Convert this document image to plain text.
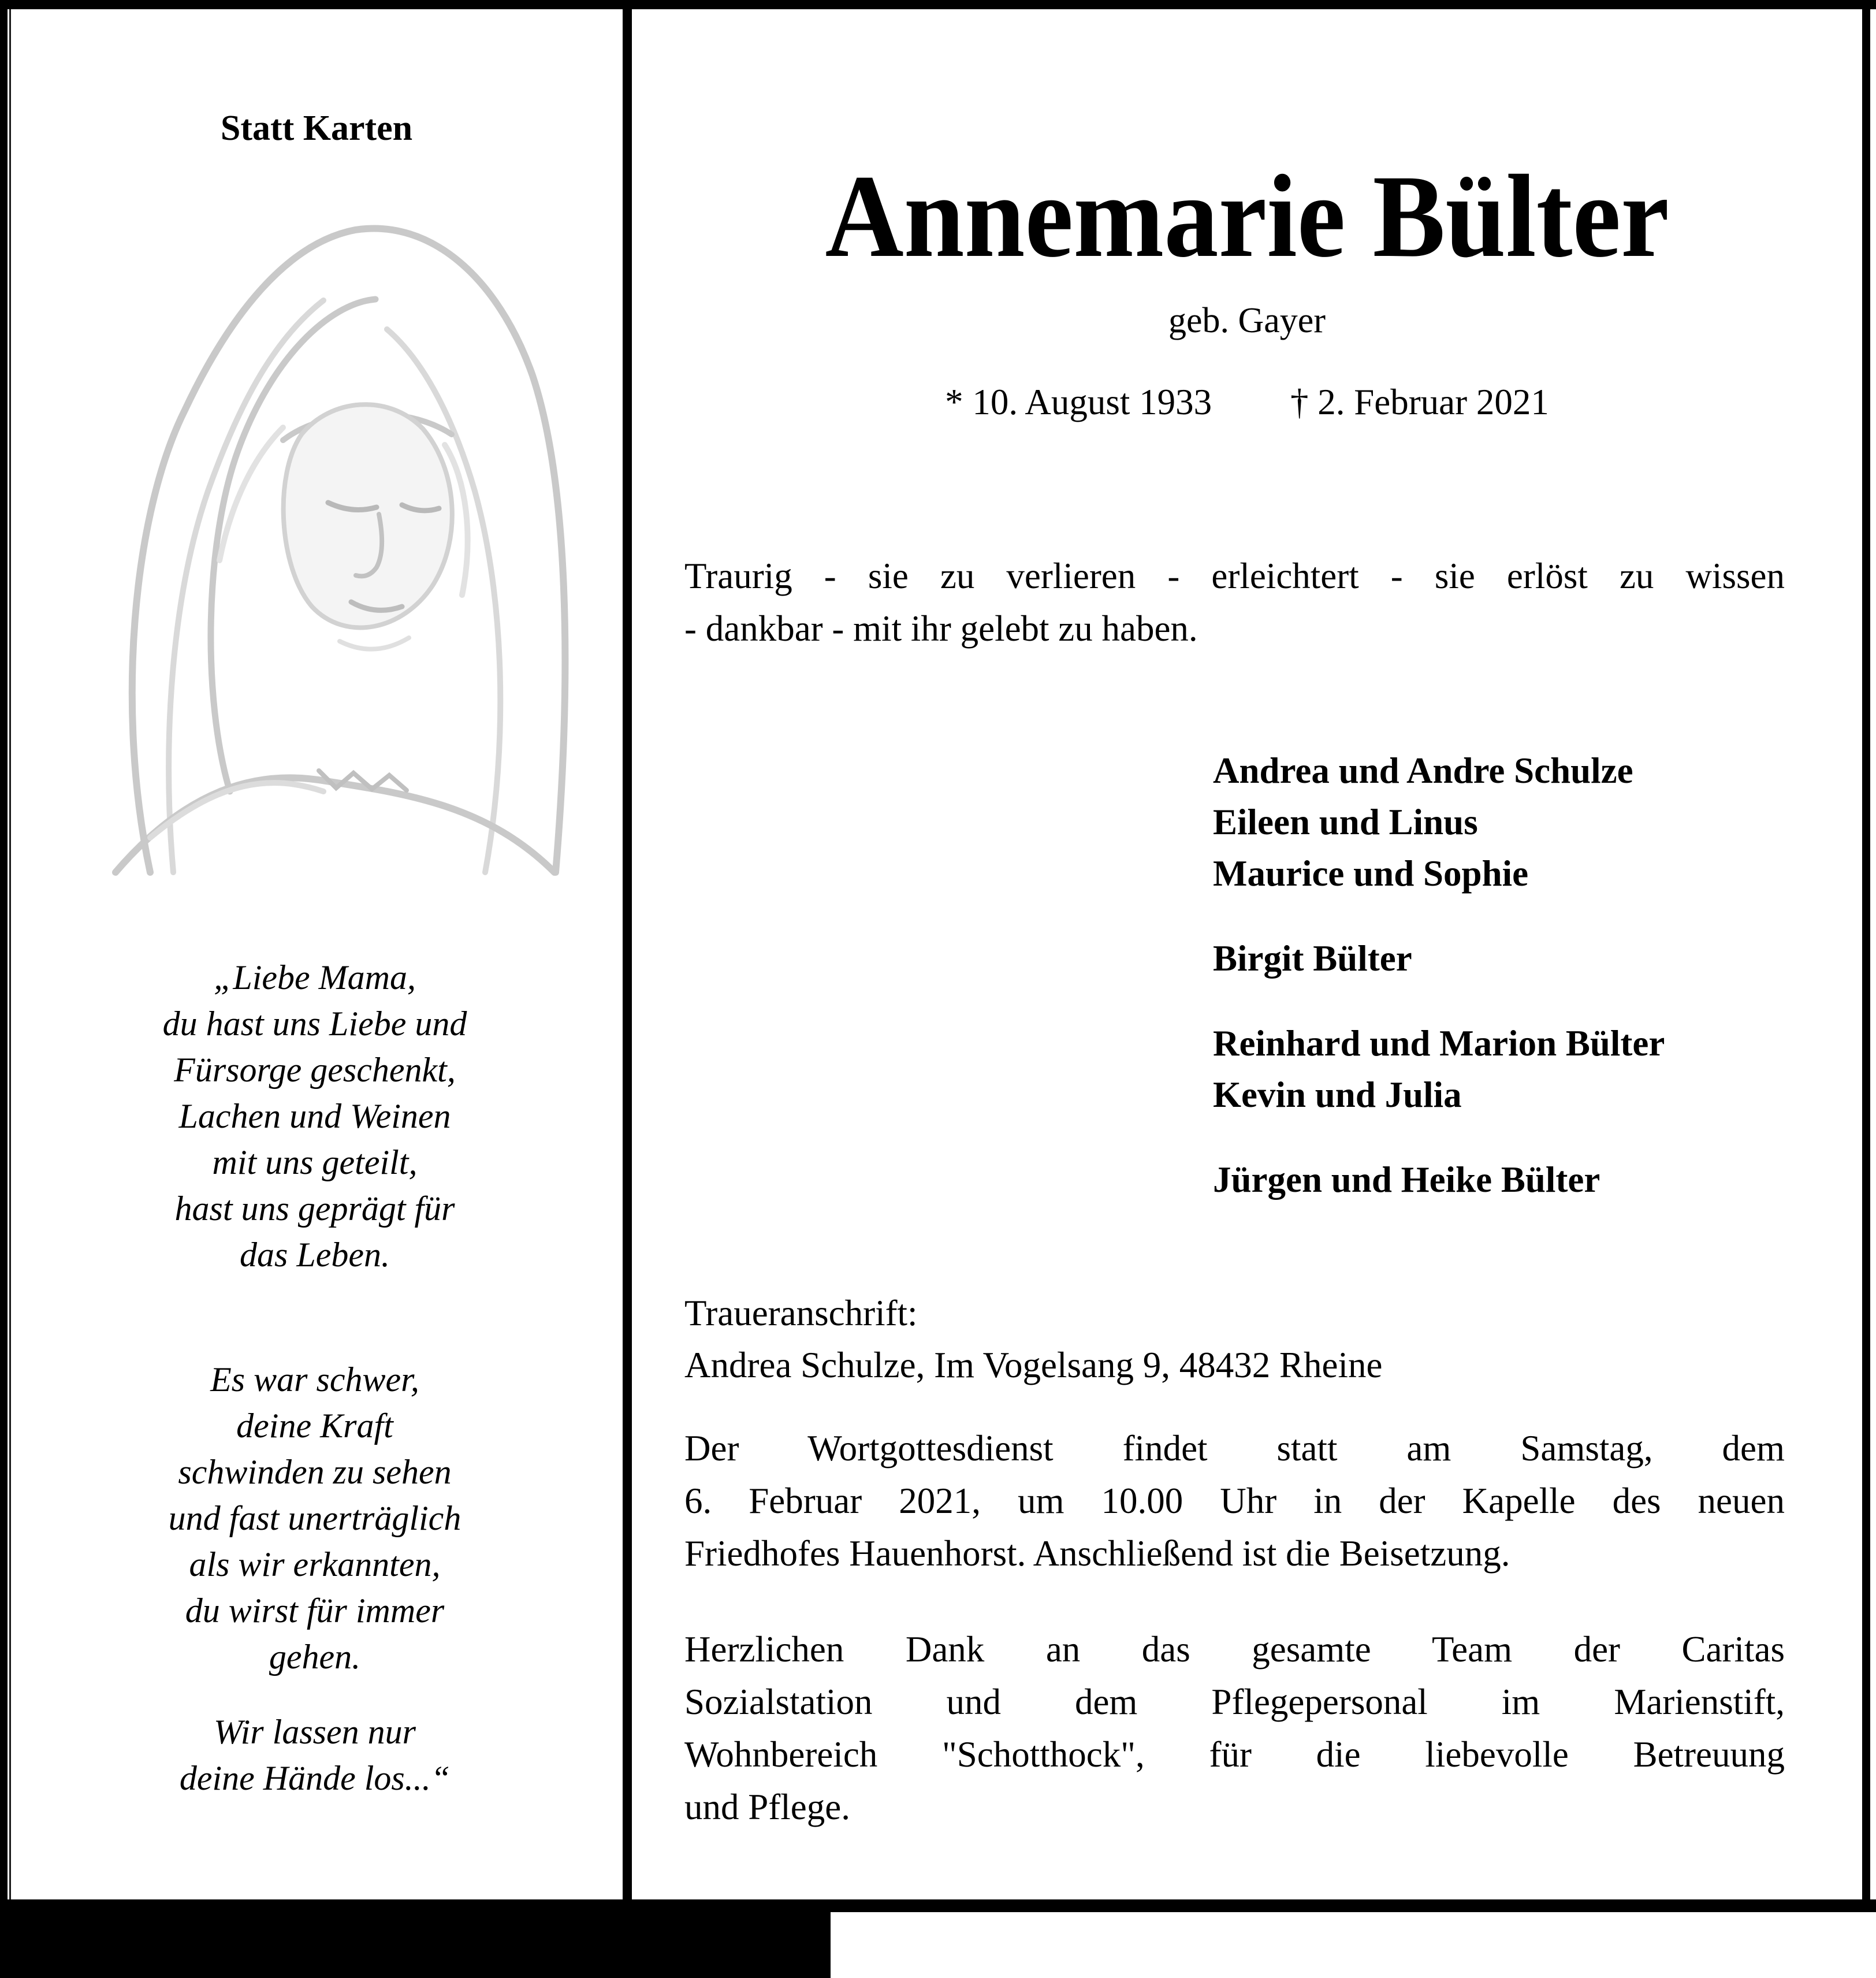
Statt Karten
„Liebe Mama,
du hast uns Liebe und
Fürsorge geschenkt,
Lachen und Weinen
mit uns geteilt,
hast uns geprägt für
das Leben.
Es war schwer,
deine Kraft
schwinden zu sehen
und fast unerträglich
als wir erkannten,
du wirst für immer
gehen.
Wir lassen nur
deine Hände los...“
Annemarie Bülter
geb. Gayer
* 10. August 1933 † 2. Februar 2021
Traurig - sie zu verlieren - erleichtert - sie erlöst zu wissen
- dankbar - mit ihr gelebt zu haben.
Andrea und Andre Schulze
Eileen und Linus
Maurice und Sophie
Birgit Bülter
Reinhard und Marion Bülter
Kevin und Julia
Jürgen und Heike Bülter
Traueranschrift:
Andrea Schulze, Im Vogelsang 9, 48432 Rheine
Der Wortgottesdienst findet statt am Samstag, dem
6. Februar 2021, um 10.00 Uhr in der Kapelle des neuen
Friedhofes Hauenhorst. Anschließend ist die Beisetzung.
Herzlichen Dank an das gesamte Team der Caritas
Sozialstation und dem Pflegepersonal im Marienstift,
Wohnbereich "Schotthock", für die liebevolle Betreuung
und Pflege.
